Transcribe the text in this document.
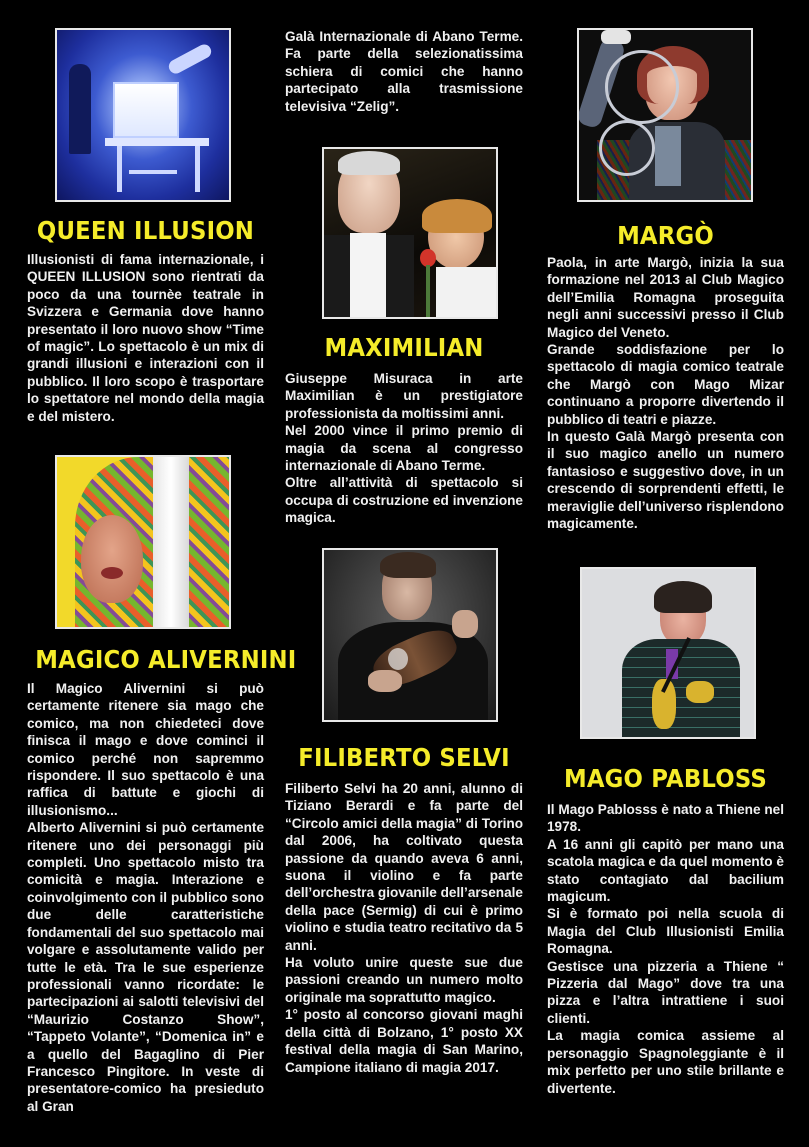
QUEEN ILLUSION

Illusionisti di fama internazionale, i QUEEN ILLUSION sono rientrati da poco da una tournèe teatrale in Svizzera e Germania dove hanno presentato il loro nuovo show “Time of magic”. Lo spettacolo è un mix di grandi illusioni e interazioni con il pubblico. Il loro scopo è trasportare lo spettatore nel mondo della magia e del mistero.

MAGICO ALIVERNINI

Il Magico Alivernini si può certamente ritenere sia mago che comico, ma non chiedeteci dove finisca il mago e dove cominci il comico perché non sapremmo rispondere. Il suo spettacolo è una raffica di battute e giochi di illusionismo...

Alberto Alivernini si può certamente ritenere uno dei personaggi più completi. Uno spettacolo misto tra comicità e magia. Interazione e coinvolgimento con il pubblico sono due delle caratteristiche fondamentali del suo spettacolo mai volgare e assolutamente valido per tutte le età. Tra le sue esperienze professionali vanno ricordate: le partecipazioni ai salotti televisivi del “Maurizio Costanzo Show”, “Tappeto Volante”, “Domenica in” e a quello del Bagaglino di Pier Francesco Pingitore. In veste di presentatore-comico ha presieduto al Gran

Galà Internazionale di Abano Terme. Fa parte della selezionatissima schiera di comici che hanno partecipato alla trasmissione televisiva “Zelig”.

MAXIMILIAN

Giuseppe Misuraca in arte Maximilian è un prestigiatore professionista da moltissimi anni.

Nel 2000 vince il primo premio di magia da scena al congresso internazionale di Abano Terme.

Oltre all’attività di spettacolo si occupa di costruzione ed invenzione magica.

FILIBERTO SELVI

Filiberto Selvi ha 20 anni, alunno di Tiziano Berardi e fa parte del “Circolo amici della magia” di Torino dal 2006, ha coltivato questa passione da quando aveva 6 anni, suona il violino e fa parte dell’orchestra giovanile dell’arsenale della pace (Sermig) di cui è primo violino e studia teatro recitativo da 5 anni.

Ha voluto unire queste sue due passioni creando un numero molto originale ma soprattutto magico.

1° posto al concorso giovani maghi della città di Bolzano, 1° posto XX festival della magia di San Marino, Campione italiano di magia 2017.

MARGÒ

Paola, in arte Margò, inizia la sua formazione nel 2013 al Club Magico dell’Emilia Romagna proseguita negli anni successivi presso il Club Magico del Veneto.

Grande soddisfazione per lo spettacolo di magia comico teatrale che Margò con Mago Mizar continuano a proporre divertendo il pubblico di teatri e piazze.

In questo Galà Margò presenta con il suo magico anello un numero fantasioso e suggestivo dove, in un crescendo di sorprendenti effetti, le meraviglie dell’universo risplendono magicamente.

MAGO PABLOSS

Il Mago Pablosss è nato a Thiene nel 1978.

A 16 anni gli capitò per mano una scatola magica e da quel momento è stato contagiato dal bacilium magicum.

Si è formato poi nella scuola di Magia del Club Illusionisti Emilia Romagna.

Gestisce una pizzeria a Thiene “ Pizzeria dal Mago” dove tra una pizza e l’altra intrattiene i suoi clienti.

La magia comica assieme al personaggio Spagnoleggiante è il mix perfetto per uno stile brillante e divertente.
